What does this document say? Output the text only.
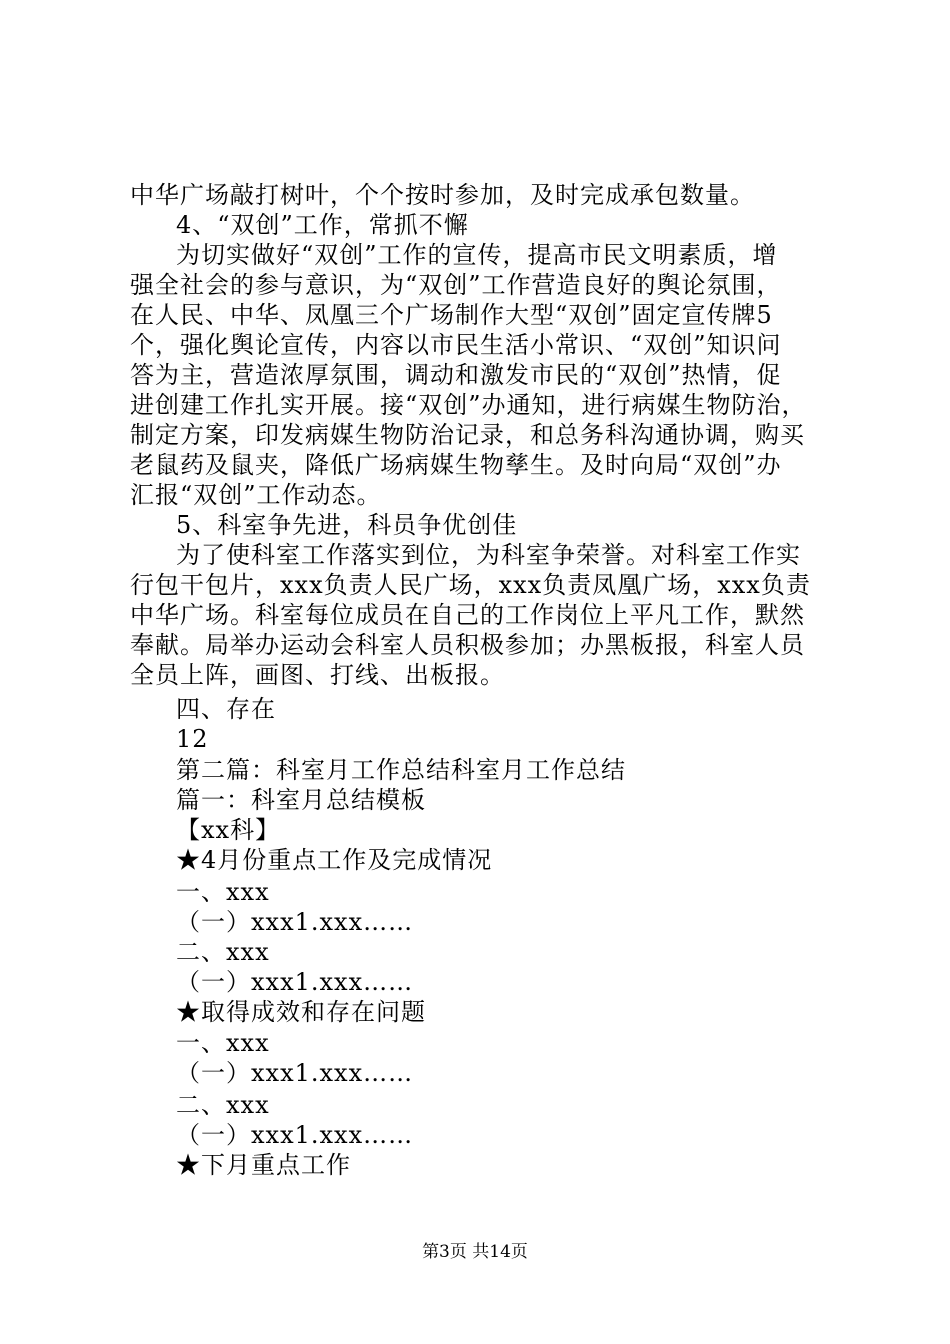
中华广场敲打树叶，个个按时参加，及时完成承包数量。
4、“双创”工作，常抓不懈
为切实做好“双创”工作的宣传，提高市民文明素质，增
强全社会的参与意识，为“双创”工作营造良好的舆论氛围，
在人民、中华、凤凰三个广场制作大型“双创”固定宣传牌5
个，强化舆论宣传，内容以市民生活小常识、“双创”知识问
答为主，营造浓厚氛围，调动和激发市民的“双创”热情，促
进创建工作扎实开展。接“双创”办通知，进行病媒生物防治，
制定方案，印发病媒生物防治记录，和总务科沟通协调，购买
老鼠药及鼠夹，降低广场病媒生物孳生。及时向局“双创”办
汇报“双创”工作动态。
5、科室争先进，科员争优创佳
为了使科室工作落实到位，为科室争荣誉。对科室工作实
行包干包片，xxx负责人民广场，xxx负责凤凰广场，xxx负责
中华广场。科室每位成员在自己的工作岗位上平凡工作，默然
奉献。局举办运动会科室人员积极参加；办黑板报，科室人员
全员上阵，画图、打线、出板报。
四、存在
12
第二篇：科室月工作总结科室月工作总结
篇一：科室月总结模板
【xx科】
★4月份重点工作及完成情况
一、xxx
（一）xxx1.xxx……
二、xxx
（一）xxx1.xxx……
★取得成效和存在问题
一、xxx
（一）xxx1.xxx……
二、xxx
（一）xxx1.xxx……
★下月重点工作
第3页 共14页
